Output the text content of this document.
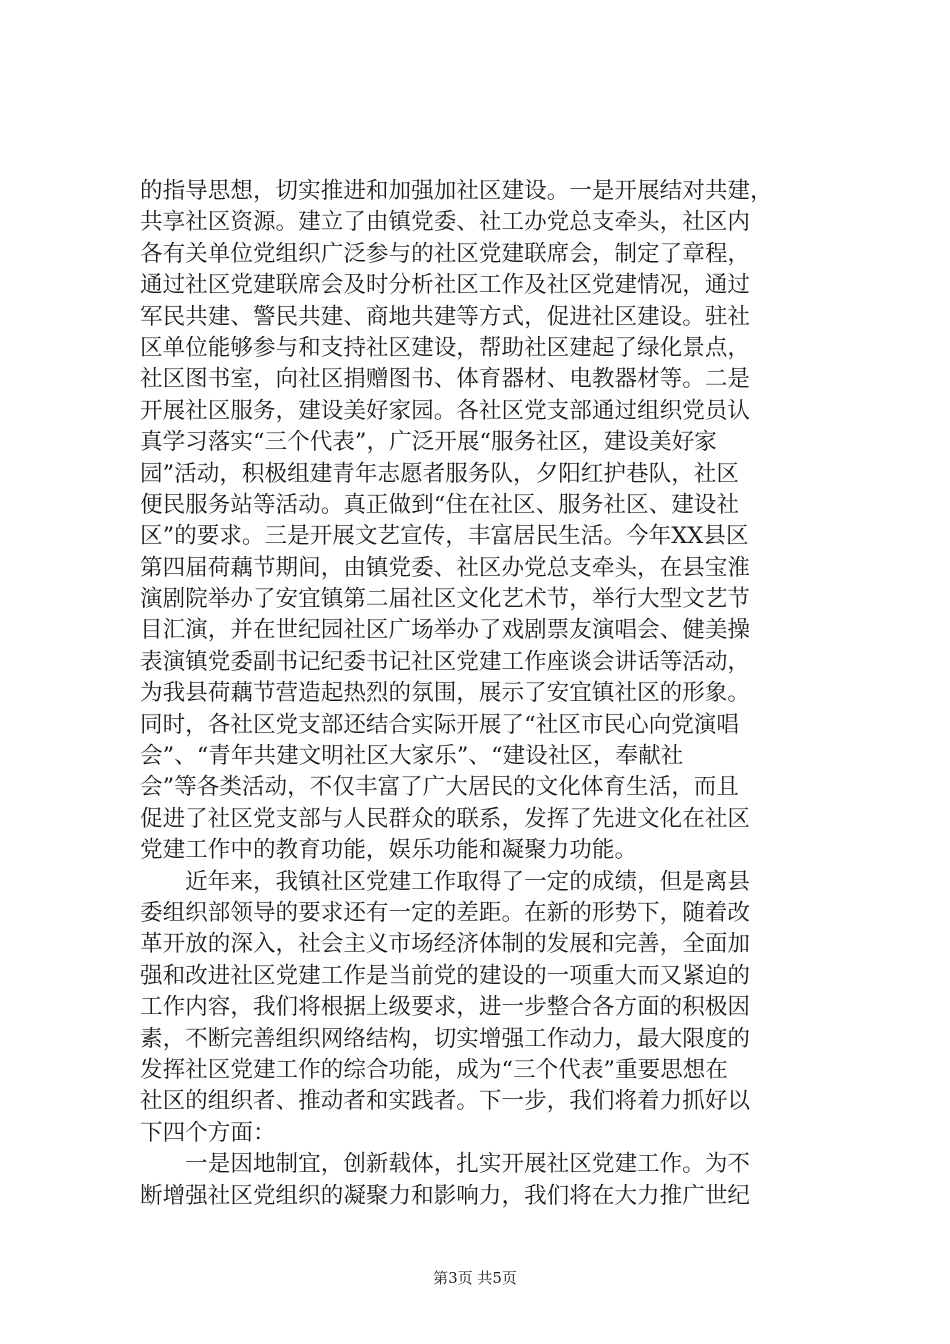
的指导思想，切实推进和加强加社区建设。一是开展结对共建，
共享社区资源。建立了由镇党委、社工办党总支牵头，社区内
各有关单位党组织广泛参与的社区党建联席会，制定了章程，
通过社区党建联席会及时分析社区工作及社区党建情况，通过
军民共建、警民共建、商地共建等方式，促进社区建设。驻社
区单位能够参与和支持社区建设，帮助社区建起了绿化景点，
社区图书室，向社区捐赠图书、体育器材、电教器材等。二是
开展社区服务，建设美好家园。各社区党支部通过组织党员认
真学习落实“三个代表”，广泛开展“服务社区，建设美好家
园”活动，积极组建青年志愿者服务队，夕阳红护巷队，社区
便民服务站等活动。真正做到“住在社区、服务社区、建设社
区”的要求。三是开展文艺宣传，丰富居民生活。今年XX县区
第四届荷藕节期间，由镇党委、社区办党总支牵头，在县宝淮
演剧院举办了安宜镇第二届社区文化艺术节，举行大型文艺节
目汇演，并在世纪园社区广场举办了戏剧票友演唱会、健美操
表演镇党委副书记纪委书记社区党建工作座谈会讲话等活动，
为我县荷藕节营造起热烈的氛围，展示了安宜镇社区的形象。
同时，各社区党支部还结合实际开展了“社区市民心向党演唱
会”、“青年共建文明社区大家乐”、“建设社区，奉献社
会”等各类活动，不仅丰富了广大居民的文化体育生活，而且
促进了社区党支部与人民群众的联系，发挥了先进文化在社区
党建工作中的教育功能，娱乐功能和凝聚力功能。
　　近年来，我镇社区党建工作取得了一定的成绩，但是离县
委组织部领导的要求还有一定的差距。在新的形势下，随着改
革开放的深入，社会主义市场经济体制的发展和完善，全面加
强和改进社区党建工作是当前党的建设的一项重大而又紧迫的
工作内容，我们将根据上级要求，进一步整合各方面的积极因
素，不断完善组织网络结构，切实增强工作动力，最大限度的
发挥社区党建工作的综合功能，成为“三个代表”重要思想在
社区的组织者、推动者和实践者。下一步，我们将着力抓好以
下四个方面：
　　一是因地制宜，创新载体，扎实开展社区党建工作。为不
断增强社区党组织的凝聚力和影响力，我们将在大力推广世纪
第3页 共5页
